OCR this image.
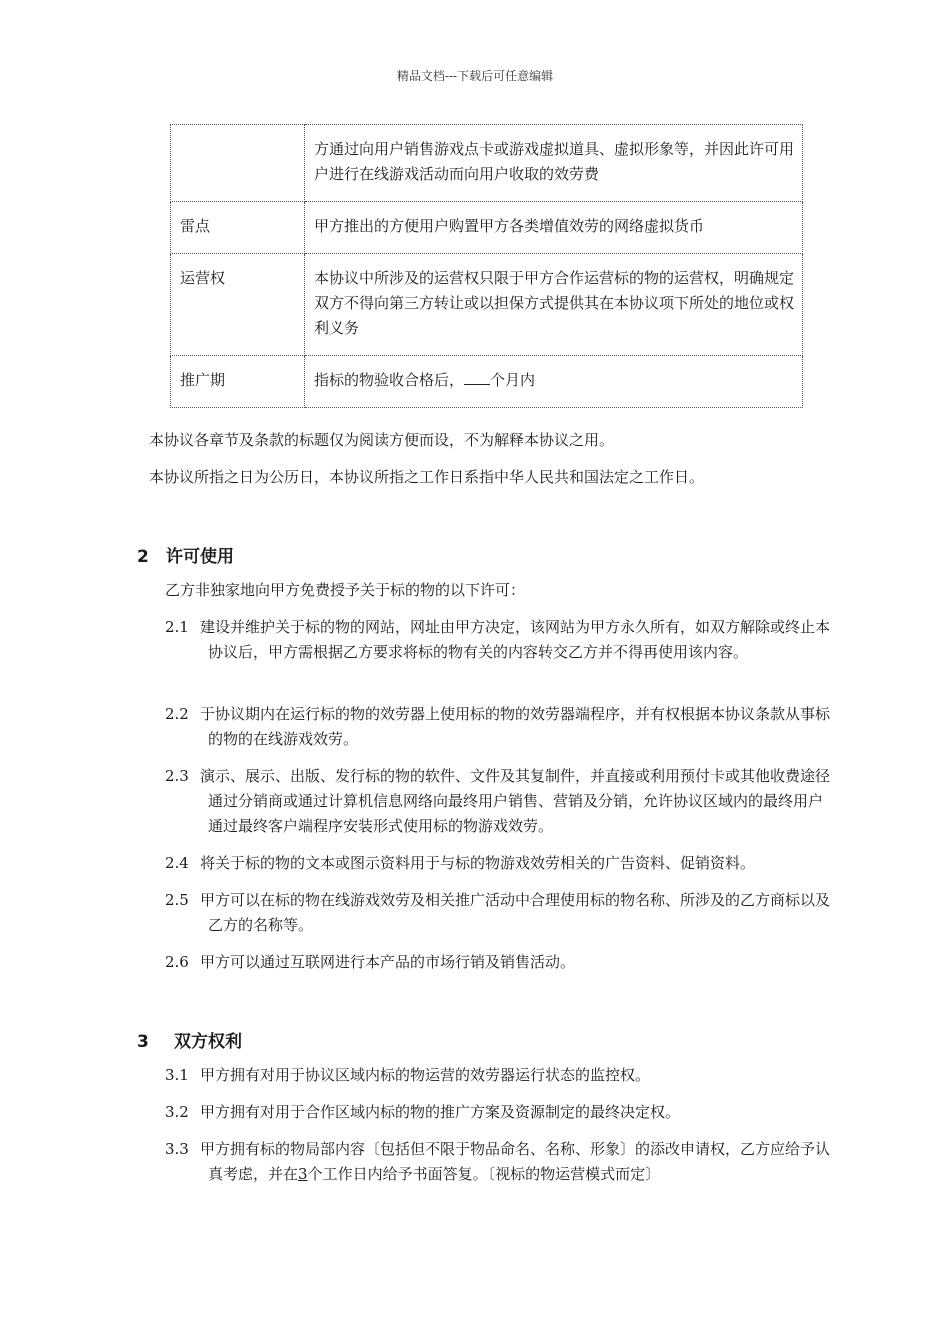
精品文档---下载后可任意编辑
	方通过向用户销售游戏点卡或游戏虚拟道具、虚拟形象等，并因此许可用户进行在线游戏活动而向用户收取的效劳费
雷点	甲方推出的方便用户购置甲方各类增值效劳的网络虚拟货币
运营权	本协议中所涉及的运营权只限于甲方合作运营标的物的运营权，明确规定双方不得向第三方转让或以担保方式提供其在本协议项下所处的地位或权利义务
推广期	指标的物验收合格后， 个月内
本协议各章节及条款的标题仅为阅读方便而设，不为解释本协议之用。
本协议所指之日为公历日，本协议所指之工作日系指中华人民共和国法定之工作日。
2 许可使用
乙方非独家地向甲方免费授予关于标的物的以下许可：
2.1 建设并维护关于标的物的网站，网址由甲方决定，该网站为甲方永久所有，如双方解除或终止本协议后，甲方需根据乙方要求将标的物有关的内容转交乙方并不得再使用该内容。
2.2 于协议期内在运行标的物的效劳器上使用标的物的效劳器端程序，并有权根据本协议条款从事标的物的在线游戏效劳。
2.3 演示、展示、出版、发行标的物的软件、文件及其复制件，并直接或利用预付卡或其他收费途径通过分销商或通过计算机信息网络向最终用户销售、营销及分销，允许协议区域内的最终用户通过最终客户端程序安装形式使用标的物游戏效劳。
2.4 将关于标的物的文本或图示资料用于与标的物游戏效劳相关的广告资料、促销资料。
2.5 甲方可以在标的物在线游戏效劳及相关推广活动中合理使用标的物名称、所涉及的乙方商标以及乙方的名称等。
2.6 甲方可以通过互联网进行本产品的市场行销及销售活动。
3 双方权利
3.1 甲方拥有对用于协议区域内标的物运营的效劳器运行状态的监控权。
3.2 甲方拥有对用于合作区域内标的物的推广方案及资源制定的最终决定权。
3.3 甲方拥有标的物局部内容〔包括但不限于物品命名、名称、形象〕的添改申请权，乙方应给予认真考虑，并在3个工作日内给予书面答复。〔视标的物运营模式而定〕
